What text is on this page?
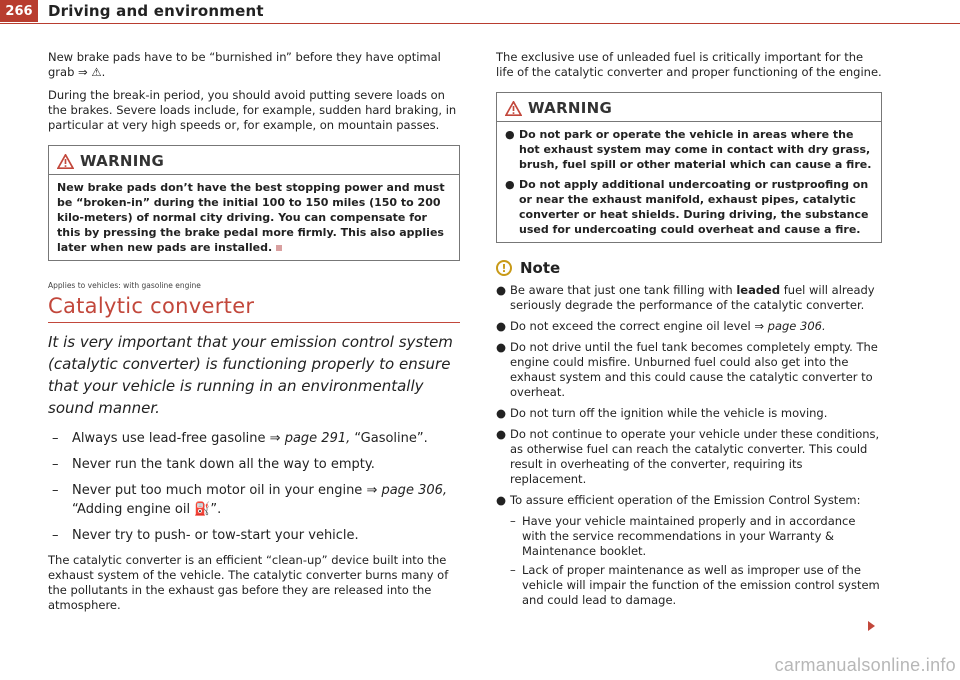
266	Driving and environment

New brake pads have to be “burnished in” before they have optimal grab ⇒ ⚠.

During the break-in period, you should avoid putting severe loads on the brakes. Severe loads include, for example, sudden hard braking, in particular at very high speeds or, for example, on mountain passes.

WARNING
New brake pads don’t have the best stopping power and must be “broken-in” during the initial 100 to 150 miles (150 to 200 kilo-meters) of normal city driving. You can compensate for this by pressing the brake pedal more firmly. This also applies later when new pads are installed.
Applies to vehicles: with gasoline engine
Catalytic converter
It is very important that your emission control system (catalytic converter) is functioning properly to ensure that your vehicle is running in an environmentally sound manner.
–	Always use lead-free gasoline ⇒ page 291, “Gasoline”.
–	Never run the tank down all the way to empty.
–	Never put too much motor oil in your engine ⇒ page 306, “Adding engine oil ⛽”.
–	Never try to push- or tow-start your vehicle.

The catalytic converter is an efficient “clean-up” device built into the exhaust system of the vehicle. The catalytic converter burns many of the pollutants in the exhaust gas before they are released into the atmosphere.

The exclusive use of unleaded fuel is critically important for the life of the catalytic converter and proper functioning of the engine.

WARNING
● Do not park or operate the vehicle in areas where the hot exhaust system may come in contact with dry grass, brush, fuel spill or other material which can cause a fire.
● Do not apply additional undercoating or rustproofing on or near the exhaust manifold, exhaust pipes, catalytic converter or heat shields. During driving, the substance used for undercoating could overheat and cause a fire.
! Note
● Be aware that just one tank filling with leaded fuel will already seriously degrade the performance of the catalytic converter.
● Do not exceed the correct engine oil level ⇒ page 306.
● Do not drive until the fuel tank becomes completely empty. The engine could misfire. Unburned fuel could also get into the exhaust system and this could cause the catalytic converter to overheat.
● Do not turn off the ignition while the vehicle is moving.
● Do not continue to operate your vehicle under these conditions, as otherwise fuel can reach the catalytic converter. This could result in overheating of the converter, requiring its replacement.
● To assure efficient operation of the Emission Control System:
– Have your vehicle maintained properly and in accordance with the service recommendations in your Warranty & Maintenance booklet.
– Lack of proper maintenance as well as improper use of the vehicle will impair the function of the emission control system and could lead to damage.
carmanualsonline.info
